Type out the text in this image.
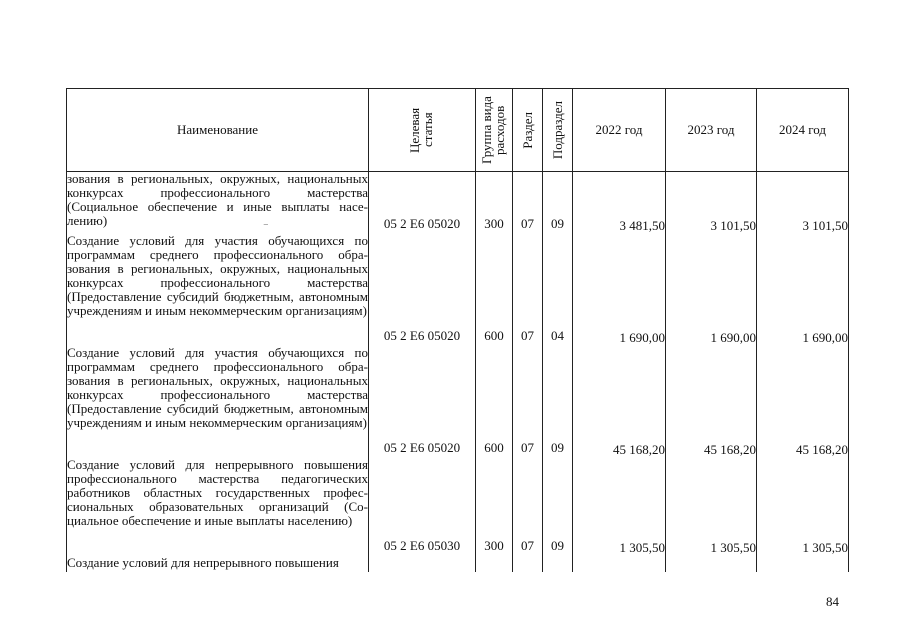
Наименование	Целевая статья	Группа вида расходов	Раздел	Подраздел	2022 год	2023 год	2024 год
зования в региональных, окружных, национальных конкурсах профессионального мастерства (Социальное обеспечение и иные выплаты населению)	05 2 Е6 05020	300	07	09	3 481,50	3 101,50	3 101,50
Создание условий для участия обучающихся по программам среднего профессионального образования в региональных, окружных, национальных конкурсах профессионального мастерства (Предоставление субсидий бюджетным, автономным учреждениям и иным некоммерческим организациям)	05 2 Е6 05020	600	07	04	1 690,00	1 690,00	1 690,00
Создание условий для участия обучающихся по программам среднего профессионального образования в региональных, окружных, национальных конкурсах профессионального мастерства (Предоставление субсидий бюджетным, автономным учреждениям и иным некоммерческим организациям)	05 2 Е6 05020	600	07	09	45 168,20	45 168,20	45 168,20
Создание условий для непрерывного повышения профессионального мастерства педагогических работников областных государственных профессиональных образовательных организаций (Социальное обеспечение и иные выплаты населению)	05 2 Е6 05030	300	07	09	1 305,50	1 305,50	1 305,50
Создание условий для непрерывного повышения							
‾
84
